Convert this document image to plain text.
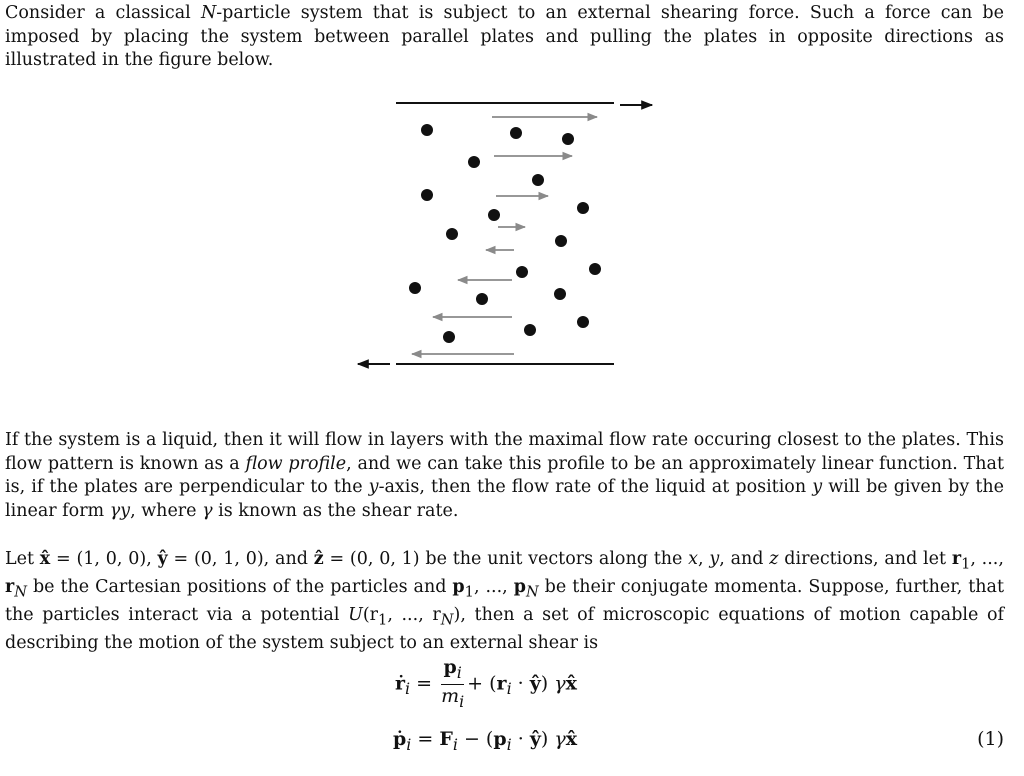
Consider a classical N-particle system that is subject to an external shearing force. Such a force can be imposed by placing the system between parallel plates and pulling the plates in opposite directions as illustrated in the figure below.

If the system is a liquid, then it will flow in layers with the maximal flow rate occuring closest to the plates. This flow pattern is known as a flow profile, and we can take this profile to be an approximately linear function. That is, if the plates are perpendicular to the y-axis, then the flow rate of the liquid at position y will be given by the linear form γy, where γ is known as the shear rate.

Let x̂ = (1, 0, 0), ŷ = (0, 1, 0), and ẑ = (0, 0, 1) be the unit vectors along the x, y, and z directions, and let $r_1$, ..., $r_N$ be the Cartesian positions of the particles and $p_1$, ..., $p_N$ be their conjugate momenta. Suppose, further, that the particles interact via a potential $U(r_1$, ..., $r_N$), then a set of microscopic equations of motion capable of describing the motion of the system subject to an external shear is

ṙ$_i$ = $\frac{p_i}{m_i} + (r_i$ · ŷ) γx̂
ṗ$_i$ = $F_i - (p_i$ · ŷ) γx̂	(1)
